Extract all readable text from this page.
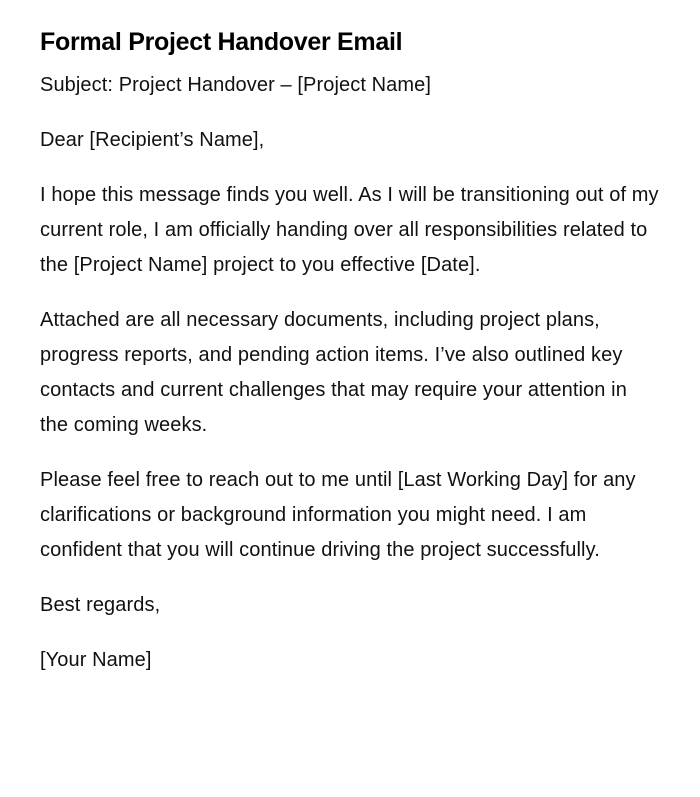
Formal Project Handover Email

Subject: Project Handover – [Project Name]

Dear [Recipient’s Name],

I hope this message finds you well. As I will be transitioning out of my current role, I am officially handing over all responsibilities related to the [Project Name] project to you effective [Date].

Attached are all necessary documents, including project plans, progress reports, and pending action items. I’ve also outlined key contacts and current challenges that may require your attention in the coming weeks.

Please feel free to reach out to me until [Last Working Day] for any clarifications or background information you might need. I am confident that you will continue driving the project successfully.

Best regards,

[Your Name]
